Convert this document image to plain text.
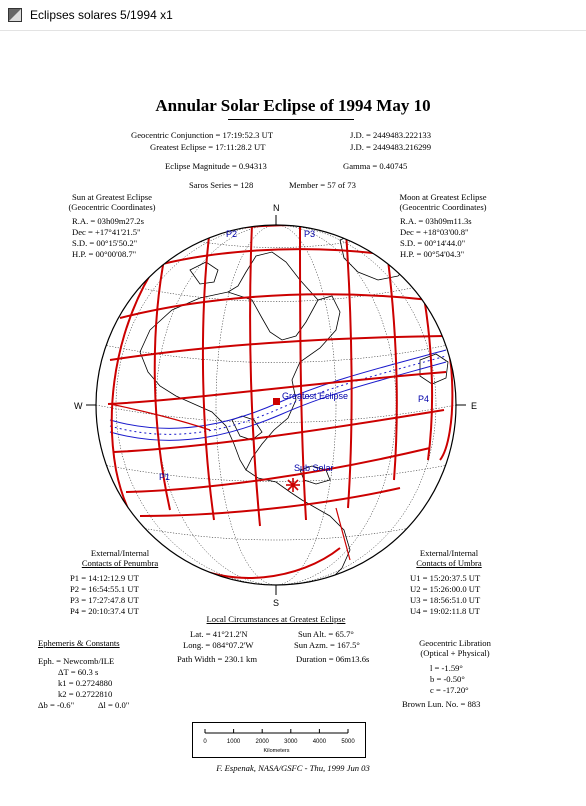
Eclipses solares 5/1994 x1
Annular Solar Eclipse of 1994 May 10
Geocentric Conjunction = 17:19:52.3 UT	J.D. = 2449483.222133
Greatest Eclipse = 17:11:28.2 UT	J.D. = 2449483.216299
Eclipse Magnitude = 0.94313	Gamma = 0.40745
Saros Series = 128	Member = 57 of 73
Sun at Greatest Eclipse
(Geocentric Coordinates)
R.A. = 03h09m27.2s
Dec = +17°41'21.5"
S.D. = 00°15'50.2"
H.P. = 00°00'08.7"
Moon at Greatest Eclipse
(Geocentric Coordinates)
R.A. = 03h09m11.3s
Dec = +18°03'00.8"
S.D. = 00°14'44.0"
H.P. = 00°54'04.3"
N
S
W	E
P1
P2	P3
P4
Greatest Eclipse
Sub Solar
External/Internal
Contacts of Penumbra
P1 = 14:12:12.9 UT
P2 = 16:54:55.1 UT
P3 = 17:27:47.8 UT
P4 = 20:10:37.4 UT
External/Internal
Contacts of Umbra
U1 = 15:20:37.5 UT
U2 = 15:26:00.0 UT
U3 = 18:56:51.0 UT
U4 = 19:02:11.8 UT
Local Circumstances at Greatest Eclipse
Lat. = 41°21.2'N
Long. = 084°07.2'W
Path Width = 230.1 km
Sun Alt. = 65.7°
Sun Azm. = 167.5°
Duration = 06m13.6s
Ephemeris & Constants
Eph. = Newcomb/ILE
ΔT = 60.3 s
k1 = 0.2724880
k2 = 0.2722810
Δb = -0.6"	Δl = 0.0"
Geocentric Libration
(Optical + Physical)
l = -1.59°
b = -0.50°
c = -17.20°
Brown Lun. No. = 883
0	1000	2000	3000	4000	5000
Kilometers
F. Espenak, NASA/GSFC - Thu, 1999 Jun 03
